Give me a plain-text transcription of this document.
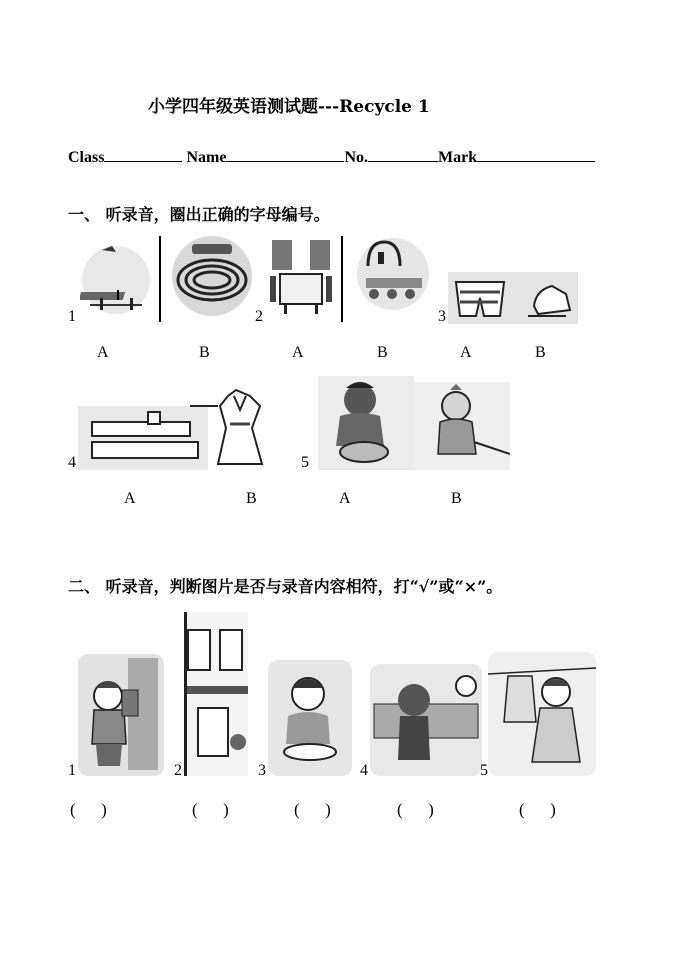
小学四年级英语测试题---Recycle 1
Class	Name	No.	Mark
一、 听录音，圈出正确的字母编号。
1	2	3
A	B	A	B	A	B
4	5
A	B	A	B
二、 听录音，判断图片是否与录音内容相符，打“√”或“×”。
1	2	3	4	5
(      )	(      )	(      )	(      )	(      )
